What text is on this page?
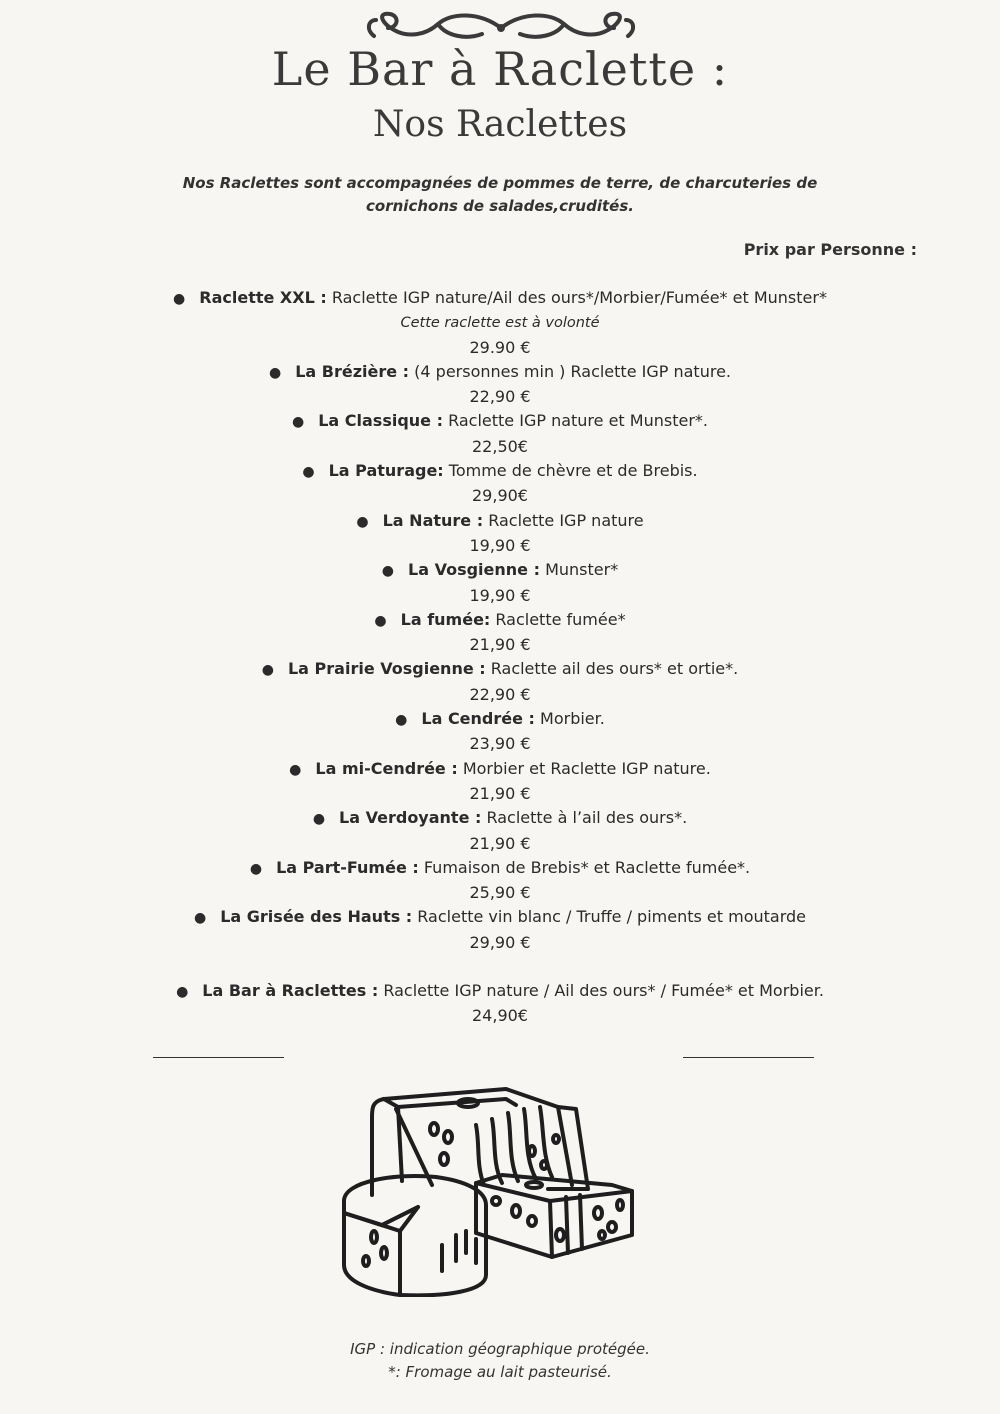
Le Bar à Raclette :
Nos Raclettes
Nos Raclettes sont accompagnées de pommes de terre, de charcuteries de cornichons de salades,crudités.
Prix par Personne :
● Raclette XXL : Raclette IGP nature/Ail des ours*/Morbier/Fumée* et Munster*
Cette raclette est à volonté
29.90 €
● La Brézière : (4 personnes min ) Raclette IGP nature.
22,90 €
● La Classique : Raclette IGP nature et Munster*.
22,50€
● La Paturage: Tomme de chèvre et de Brebis.
29,90€
● La Nature : Raclette IGP nature
19,90 €
● La Vosgienne : Munster*
19,90 €
● La fumée: Raclette fumée*
21,90 €
● La Prairie Vosgienne : Raclette ail des ours* et ortie*.
22,90 €
● La Cendrée : Morbier.
23,90 €
● La mi-Cendrée : Morbier et Raclette IGP nature.
21,90 €
● La Verdoyante : Raclette à l’ail des ours*.
21,90 €
● La Part-Fumée : Fumaison de Brebis* et Raclette fumée*.
25,90 €
● La Grisée des Hauts : Raclette vin blanc / Truffe / piments et moutarde
29,90 €
● La Bar à Raclettes : Raclette IGP nature / Ail des ours* / Fumée* et Morbier.
24,90€
IGP : indication géographique protégée.
*: Fromage au lait pasteurisé.
